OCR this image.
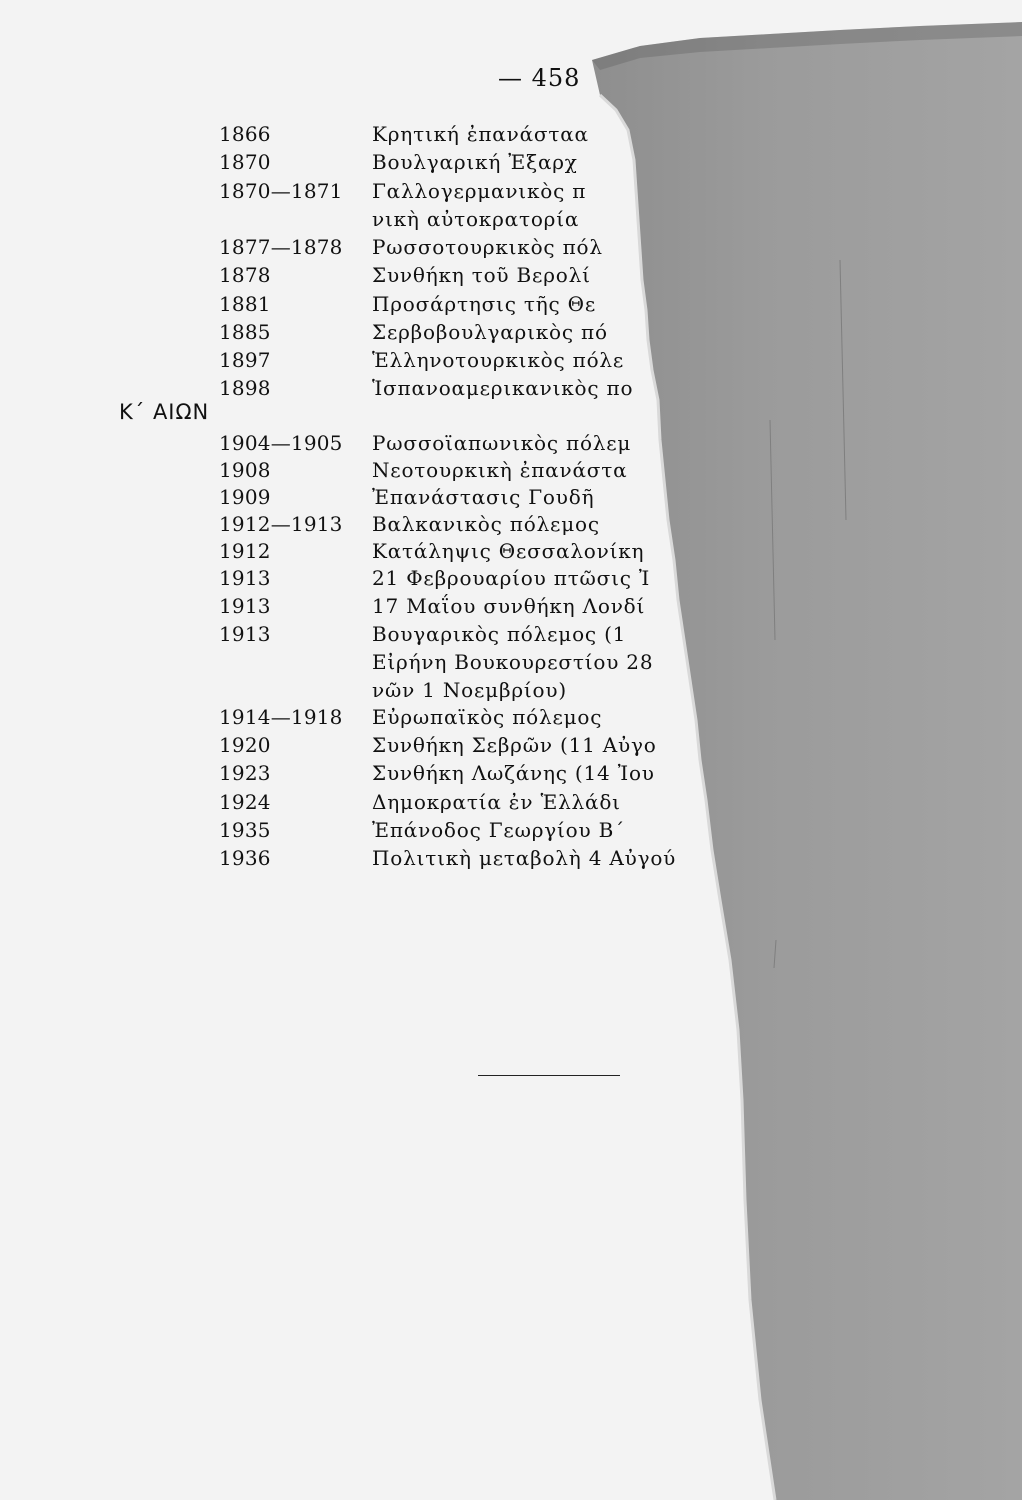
— 458
1866	Κρητική ἐπανάσταα
1870	Βουλγαρική Ἐξαρχ
1870—1871	Γαλλογερμανικὸς π
νικὴ αὐτοκρατορία
1877—1878	Ρωσσοτουρκικὸς πόλ
1878	Συνθήκη τοῦ Βερολί
1881	Προσάρτησις τῆς Θε
1885	Σερβοβουλγαρικὸς πό
1897	Ἑλληνοτουρκικὸς πόλε
1898	Ἱσπανοαμερικανικὸς πο
Κ΄ ΑΙΩΝ
1904—1905	Ρωσσοϊαπωνικὸς πόλεμ
1908	Νεοτουρκικὴ ἐπανάστα
1909	Ἐπανάστασις Γουδῆ
1912—1913	Βαλκανικὸς πόλεμος
1912	Κατάληψις Θεσσαλονίκη
1913	21 Φεβρουαρίου πτῶσις Ἰ
1913	17 Μαΐου συνθήκη Λονδί
1913	Βουγαρικὸς πόλεμος (1
Εἰρήνη Βουκουρεστίου 28
νῶν 1 Νοεμβρίου)
1914—1918	Εὐρωπαϊκὸς πόλεμος
1920	Συνθήκη Σεβρῶν (11 Αὐγο
1923	Συνθήκη Λωζάνης (14 Ἰου
1924	Δημοκρατία ἐν Ἑλλάδι
1935	Ἐπάνοδος Γεωργίου Β΄
1936	Πολιτικὴ μεταβολὴ 4 Αὐγού
